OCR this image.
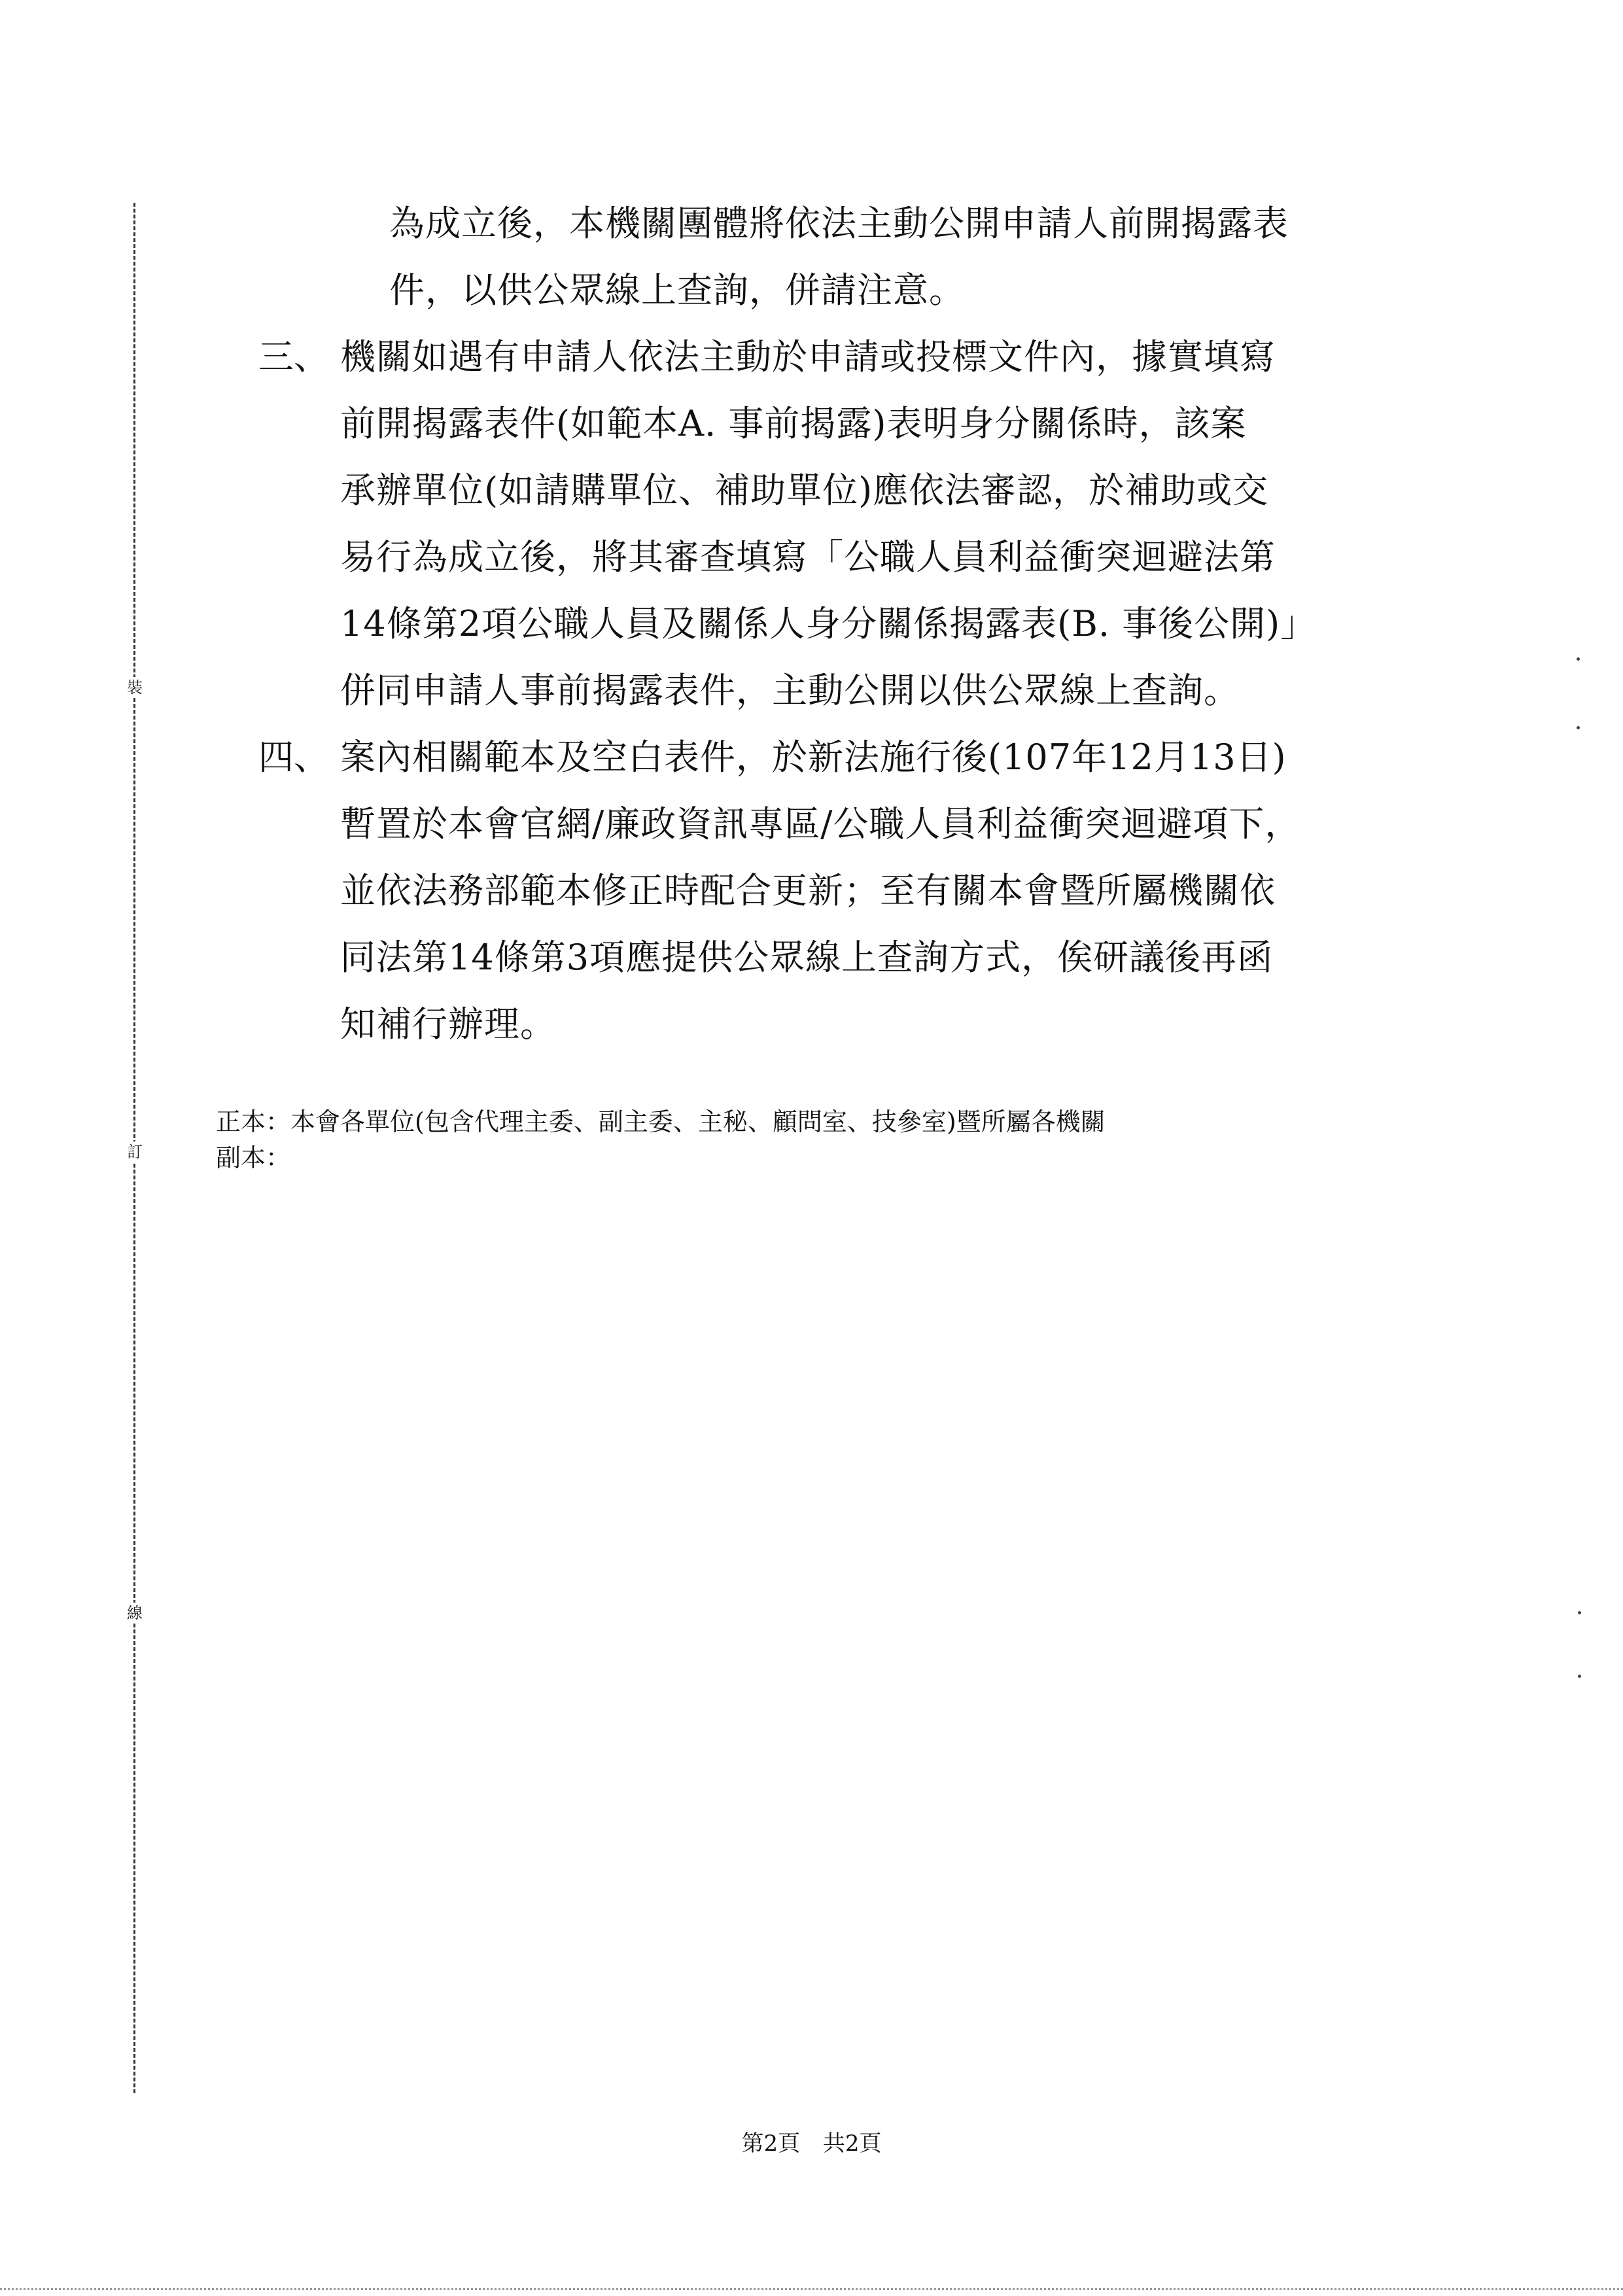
裝
訂
線
為成立後，本機關團體將依法主動公開申請人前開揭露表
件，以供公眾線上查詢，併請注意。
三、 機關如遇有申請人依法主動於申請或投標文件內，據實填寫
前開揭露表件(如範本A. 事前揭露)表明身分關係時，該案
承辦單位(如請購單位、補助單位)應依法審認，於補助或交
易行為成立後，將其審查填寫「公職人員利益衝突迴避法第
14條第2項公職人員及關係人身分關係揭露表(B. 事後公開)」
併同申請人事前揭露表件，主動公開以供公眾線上查詢。
四、 案內相關範本及空白表件，於新法施行後(107年12月13日)
暫置於本會官網/廉政資訊專區/公職人員利益衝突迴避項下，
並依法務部範本修正時配合更新；至有關本會暨所屬機關依
同法第14條第3項應提供公眾線上查詢方式，俟研議後再函
知補行辦理。
正本：本會各單位(包含代理主委、副主委、主秘、顧問室、技參室)暨所屬各機關
副本：
第2頁 共2頁
